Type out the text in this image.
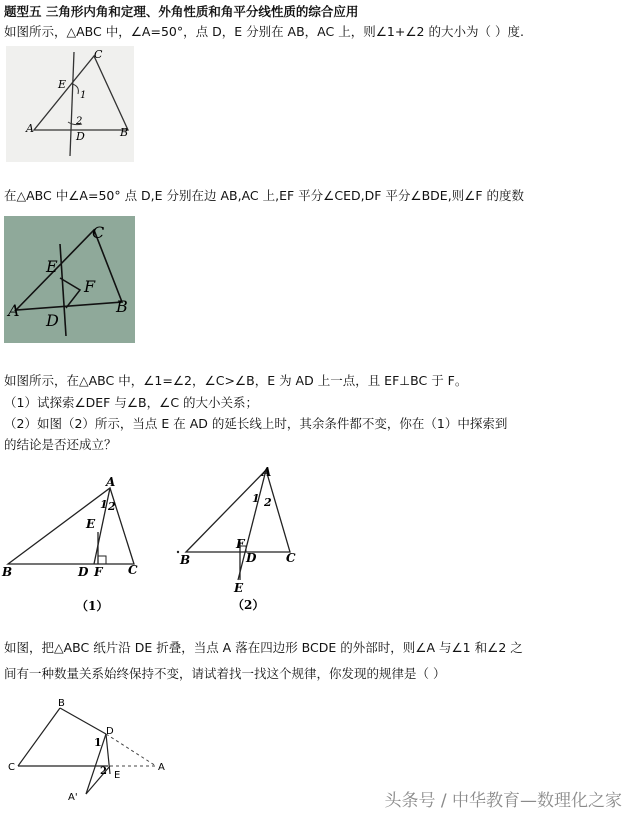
题型五 三角形内角和定理、外角性质和角平分线性质的综合应用
如图所示，△ABC 中，∠A=50°，点 D，E 分别在 AB，AC 上，则∠1+∠2 的大小为（ ）度.
C
E
1
2
A	B
D
在△ABC 中∠A=50° 点 D,E 分别在边 AB,AC 上,EF 平分∠CED,DF 平分∠BDE,则∠F 的度数
C
E
F
A	B
D
如图所示，在△ABC 中，∠1=∠2，∠C>∠B，E 为 AD 上一点，且 EF⊥BC 于 F。
（1）试探索∠DEF 与∠B，∠C 的大小关系；
（2）如图（2）所示，当点 E 在 AD 的延长线上时，其余条件都不变，你在（1）中探索到
的结论是否还成立？
A
1 2
E
B	D F C
（1）
A
1 2
F
B	D C
E
（2）
如图，把△ABC 纸片沿 DE 折叠，当点 A 落在四边形 BCDE 的外部时，则∠A 与∠1 和∠2 之
间有一种数量关系始终保持不变，请试着找一找这个规律，你发现的规律是（ ）
B
D
1
C	2 E
A
A'	头条号 / 中华教育—数理化之家
